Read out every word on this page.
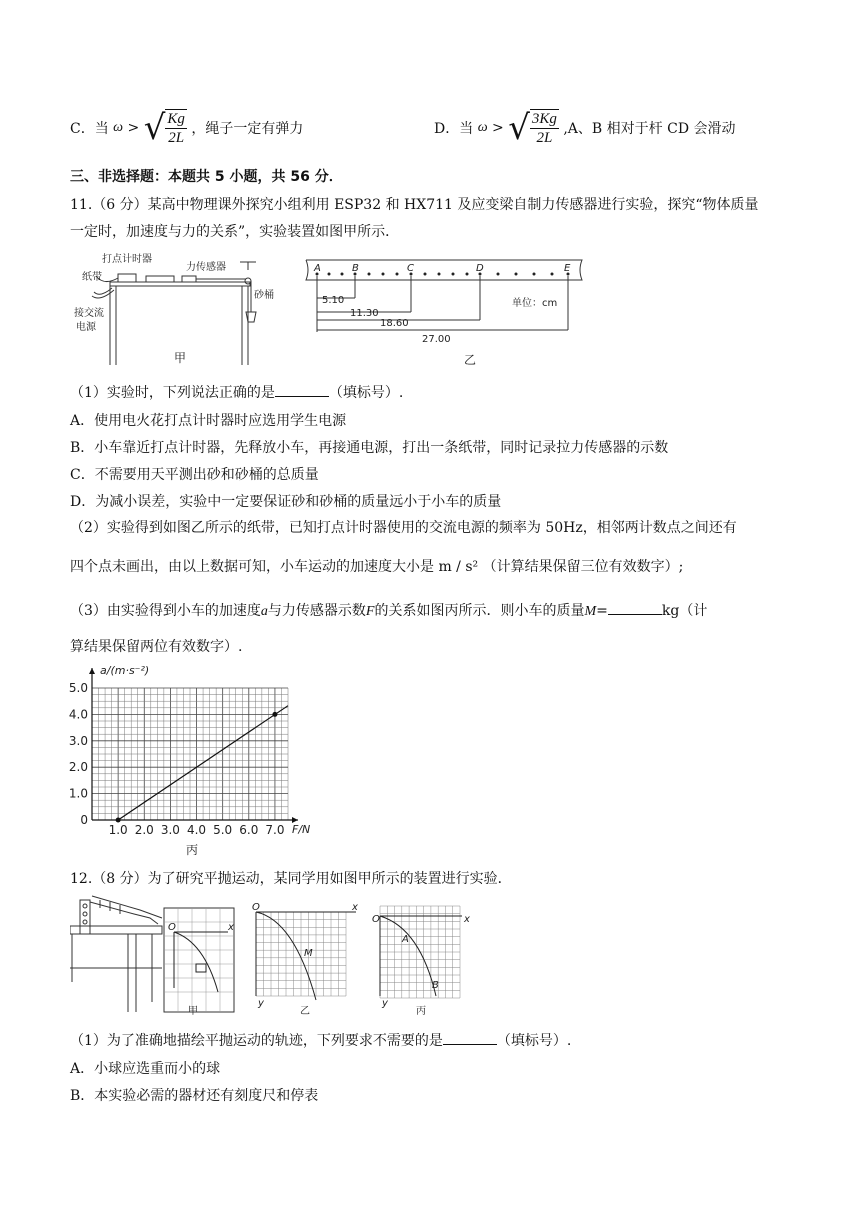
C．当 ω > √ $\frac{Kg}{2L}$ ，绳子一定有弹力	D．当 ω > √ $\frac{3Kg}{2L} ,A$、B 相对于杆 CD 会滑动
三、非选择题：本题共 5 小题，共 56 分．
11.（6 分）某高中物理课外探究小组利用 ESP32 和 HX711 及应变梁自制力传感器进行实验，探究“物体质量
一定时，加速度与力的关系”，实验装置如图甲所示．
打点计时器
纸带
力传感器
砂桶
接交流
电源
甲
A	B	C	D	E
5.10
11.30
18.60
27.00
单位：cm
乙
（1）实验时，下列说法正确的是	（填标号）.
A．使用电火花打点计时器时应选用学生电源
B．小车靠近打点计时器，先释放小车，再接通电源，打出一条纸带，同时记录拉力传感器的示数
C．不需要用天平测出砂和砂桶的总质量
D．为减小误差，实验中一定要保证砂和砂桶的质量远小于小车的质量
（2）实验得到如图乙所示的纸带，已知打点计时器使用的交流电源的频率为 50Hz，相邻两计数点之间还有
四个点未画出，由以上数据可知，小车运动的加速度大小是 m / s² （计算结果保留三位有效数字）;
（3）由实验得到小车的加速度a与力传感器示数F的关系如图丙所示．则小车的质量M=	kg（计
算结果保留两位有效数字）.
1.0 2.0 3.0 4.0 5.0 6.0 7.0
0
1.0
2.0
3.0
4.0
5.0
a/(m·s⁻²)
F/N
丙
12.（8 分）为了研究平抛运动，某同学用如图甲所示的装置进行实验．
O	x
甲
O	x
y
M
乙
O	x
y
A
B
丙
（1）为了准确地描绘平抛运动的轨迹，下列要求不需要的是	（填标号）.
A．小球应选重而小的球
B．本实验必需的器材还有刻度尺和停表
